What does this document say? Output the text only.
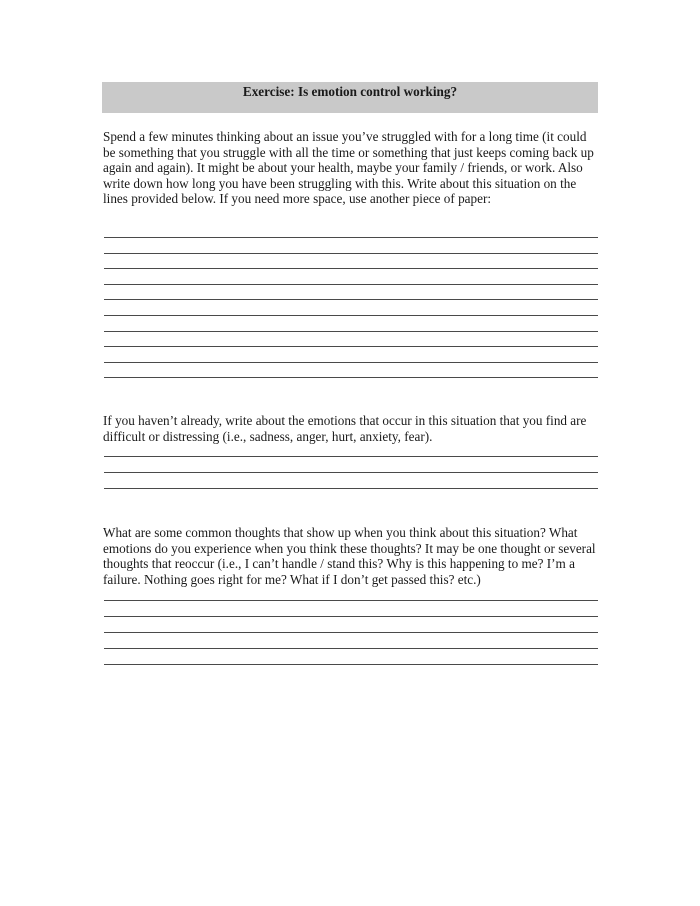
Exercise: Is emotion control working?

Spend a few minutes thinking about an issue you’ve struggled with for a long time (it could be something that you struggle with all the time or something that just keeps coming back up again and again). It might be about your health, maybe your family / friends, or work. Also write down how long you have been struggling with this. Write about this situation on the lines provided below. If you need more space, use another piece of paper:

If you haven’t already, write about the emotions that occur in this situation that you find are difficult or distressing (i.e., sadness, anger, hurt, anxiety, fear).

What are some common thoughts that show up when you think about this situation? What emotions do you experience when you think these thoughts? It may be one thought or several thoughts that reoccur (i.e., I can’t handle / stand this? Why is this happening to me? I’m a failure. Nothing goes right for me? What if I don’t get passed this? etc.)
